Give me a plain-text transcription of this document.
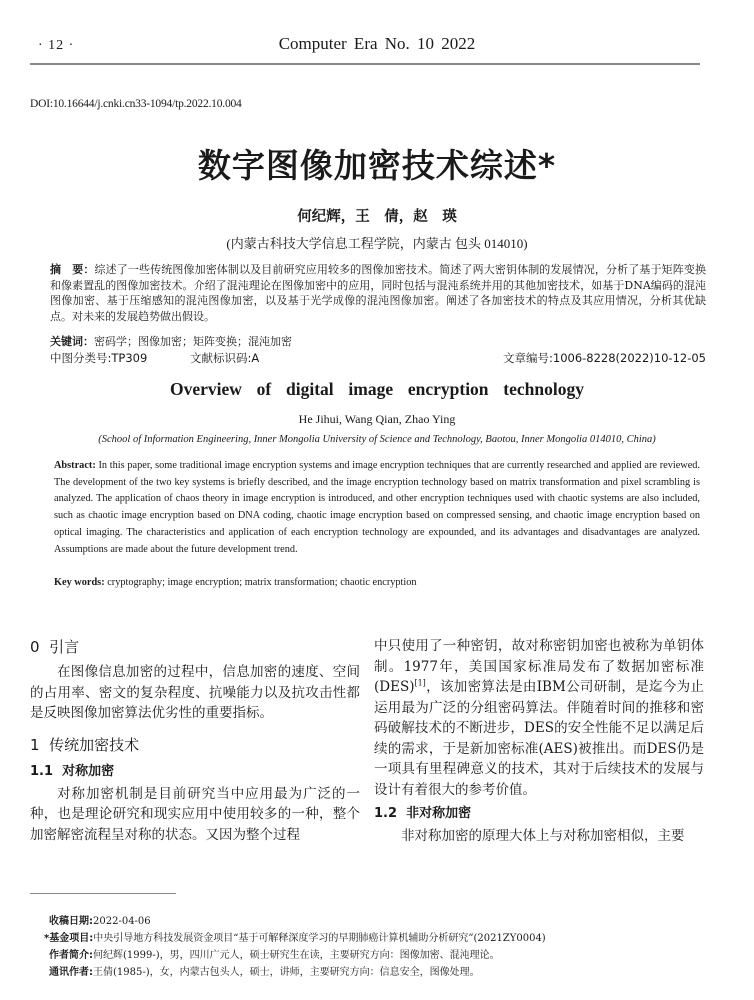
· 12 ·	Computer Era No. 10 2022
DOI:10.16644/j.cnki.cn33-1094/tp.2022.10.004
数字图像加密技术综述*
何纪辉，王　倩，赵　瑛
(内蒙古科技大学信息工程学院，内蒙古 包头 014010)
摘　要：综述了一些传统图像加密体制以及目前研究应用较多的图像加密技术。简述了两大密钥体制的发展情况，分析了基于矩阵变换和像素置乱的图像加密技术。介绍了混沌理论在图像加密中的应用，同时包括与混沌系统并用的其他加密技术，如基于DNA编码的混沌图像加密、基于压缩感知的混沌图像加密，以及基于光学成像的混沌图像加密。阐述了各加密技术的特点及其应用情况，分析其优缺点。对未来的发展趋势做出假设。
关键词：密码学；图像加密；矩阵变换；混沌加密
中图分类号:TP309	文献标识码:A	文章编号:1006-8228(2022)10-12-05
Overview  of  digital  image  encryption  technology
He Jihui, Wang Qian, Zhao Ying
(School of Information Engineering, Inner Mongolia University of Science and Technology, Baotou, Inner Mongolia 014010, China)
Abstract: In this paper, some traditional image encryption systems and image encryption techniques that are currently researched and applied are reviewed. The development of the two key systems is briefly described, and the image encryption technology based on matrix transformation and pixel scrambling is analyzed. The application of chaos theory in image encryption is introduced, and other encryption techniques used with chaotic systems are also included, such as chaotic image encryption based on DNA coding, chaotic image encryption based on compressed sensing, and chaotic image encryption based on optical imaging. The characteristics and application of each encryption technology are expounded, and its advantages and disadvantages are analyzed. Assumptions are made about the future development trend.
Key words: cryptography; image encryption; matrix transformation; chaotic encryption
0  引言

在图像信息加密的过程中，信息加密的速度、空间的占用率、密文的复杂程度、抗噪能力以及抗攻击性都是反映图像加密算法优劣性的重要指标。

1  传统加密技术
1.1  对称加密

对称加密机制是目前研究当中应用最为广泛的一种，也是理论研究和现实应用中使用较多的一种，整个加密解密流程呈对称的状态。又因为整个过程

中只使用了一种密钥，故对称密钥加密也被称为单钥体制。1977年，美国国家标准局发布了数据加密标准(DES)[1]，该加密算法是由IBM公司研制，是迄今为止运用最为广泛的分组密码算法。伴随着时间的推移和密码破解技术的不断进步，DES的安全性能不足以满足后续的需求，于是新加密标准(AES)被推出。而DES仍是一项具有里程碑意义的技术，其对于后续技术的发展与设计有着很大的参考价值。

1.2  非对称加密

非对称加密的原理大体上与对称加密相似，主要

收稿日期:2022-04-06
*基金项目:中央引导地方科技发展资金项目“基于可解释深度学习的早期肺癌计算机辅助分析研究”(2021ZY0004)
作者简介:何纪辉(1999-)，男，四川广元人，硕士研究生在读，主要研究方向：图像加密、混沌理论。
通讯作者:王倩(1985-)，女，内蒙古包头人，硕士，讲师，主要研究方向：信息安全，图像处理。
